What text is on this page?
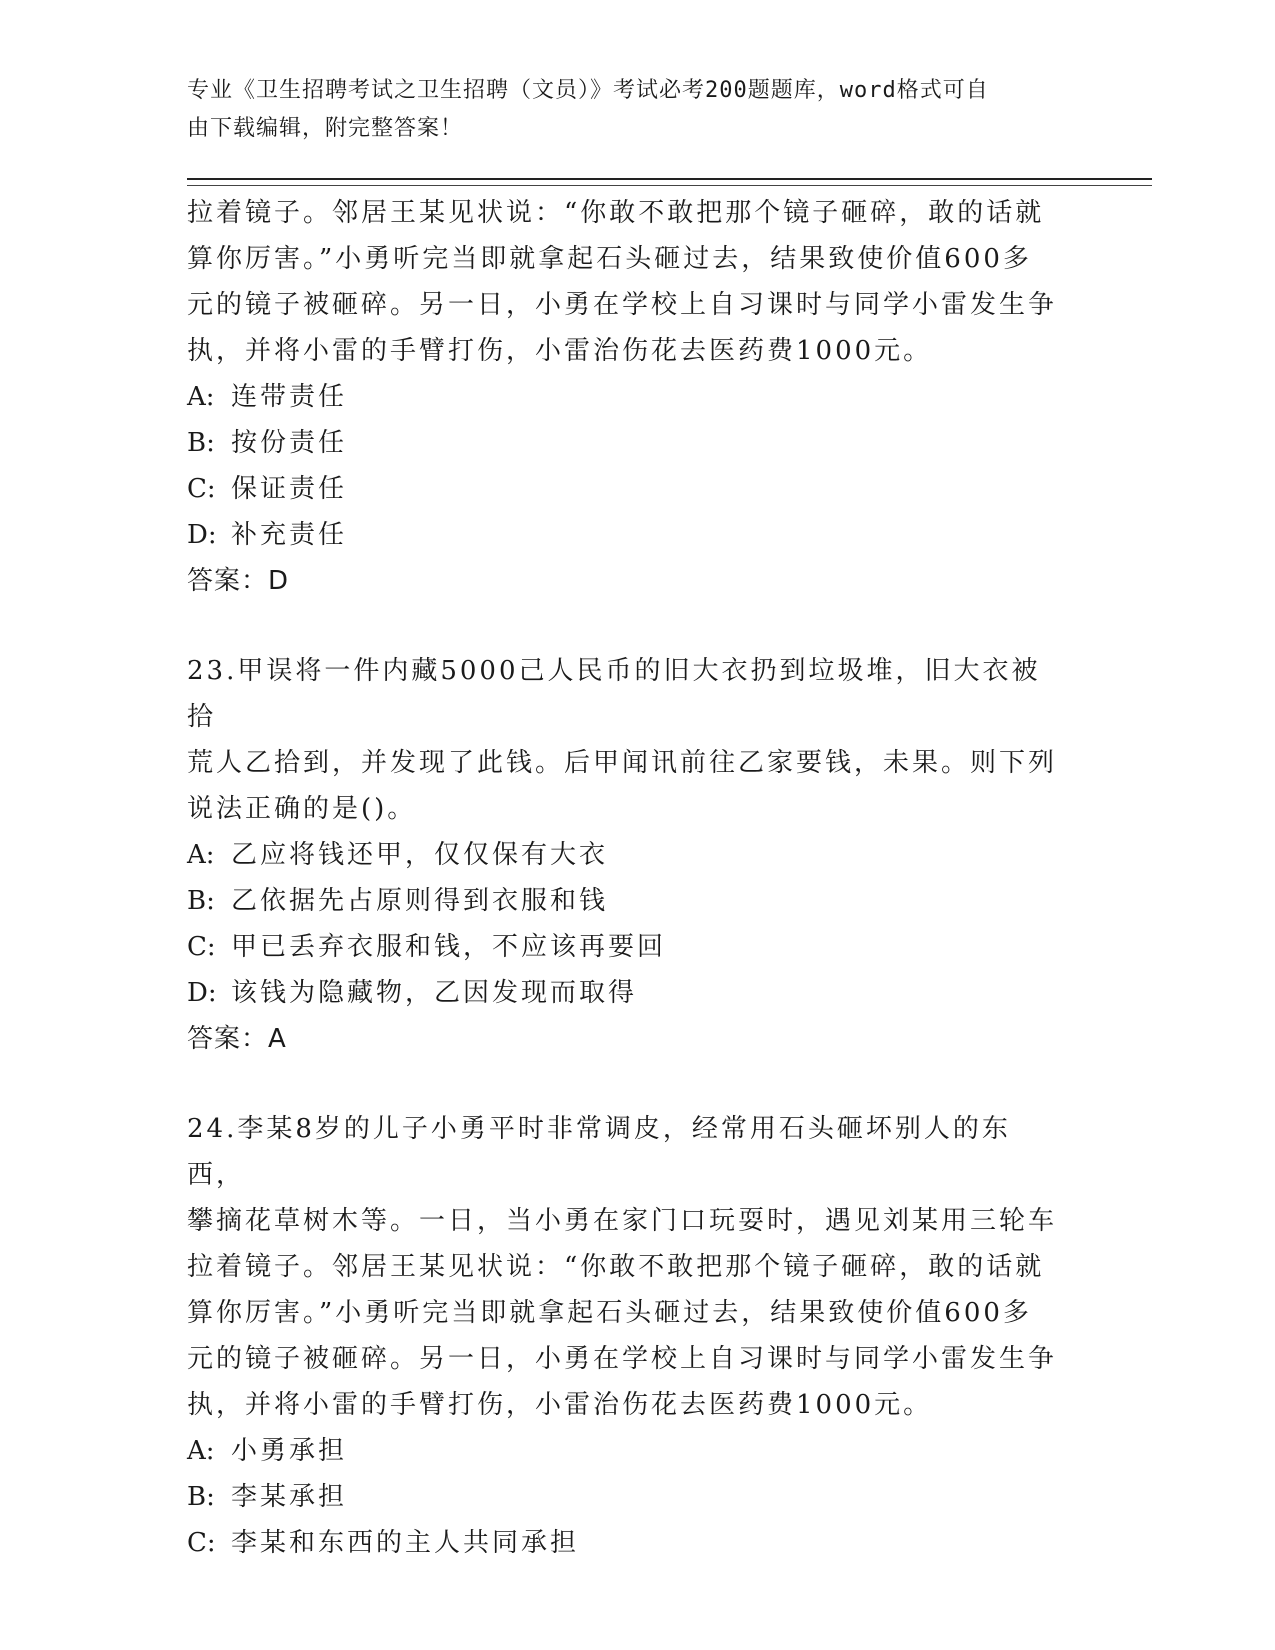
专业《卫生招聘考试之卫生招聘（文员）》考试必考200题题库，word格式可自
由下载编辑，附完整答案！

拉着镜子。邻居王某见状说：“你敢不敢把那个镜子砸碎，敢的话就

算你厉害。”小勇听完当即就拿起石头砸过去，结果致使价值600多

元的镜子被砸碎。另一日，小勇在学校上自习课时与同学小雷发生争

执，并将小雷的手臂打伤，小雷治伤花去医药费1000元。

A: 连带责任

B: 按份责任

C: 保证责任

D: 补充责任

答案：D

23.甲误将一件内藏5000己人民币的旧大衣扔到垃圾堆，旧大衣被拾

荒人乙拾到，并发现了此钱。后甲闻讯前往乙家要钱，未果。则下列

说法正确的是()。

A: 乙应将钱还甲，仅仅保有大衣

B: 乙依据先占原则得到衣服和钱

C: 甲已丢弃衣服和钱，不应该再要回

D: 该钱为隐藏物，乙因发现而取得

答案：A

24.李某8岁的儿子小勇平时非常调皮，经常用石头砸坏别人的东西，

攀摘花草树木等。一日，当小勇在家门口玩耍时，遇见刘某用三轮车

拉着镜子。邻居王某见状说：“你敢不敢把那个镜子砸碎，敢的话就

算你厉害。”小勇听完当即就拿起石头砸过去，结果致使价值600多

元的镜子被砸碎。另一日，小勇在学校上自习课时与同学小雷发生争

执，并将小雷的手臂打伤，小雷治伤花去医药费1000元。

A: 小勇承担

B: 李某承担

C: 李某和东西的主人共同承担
